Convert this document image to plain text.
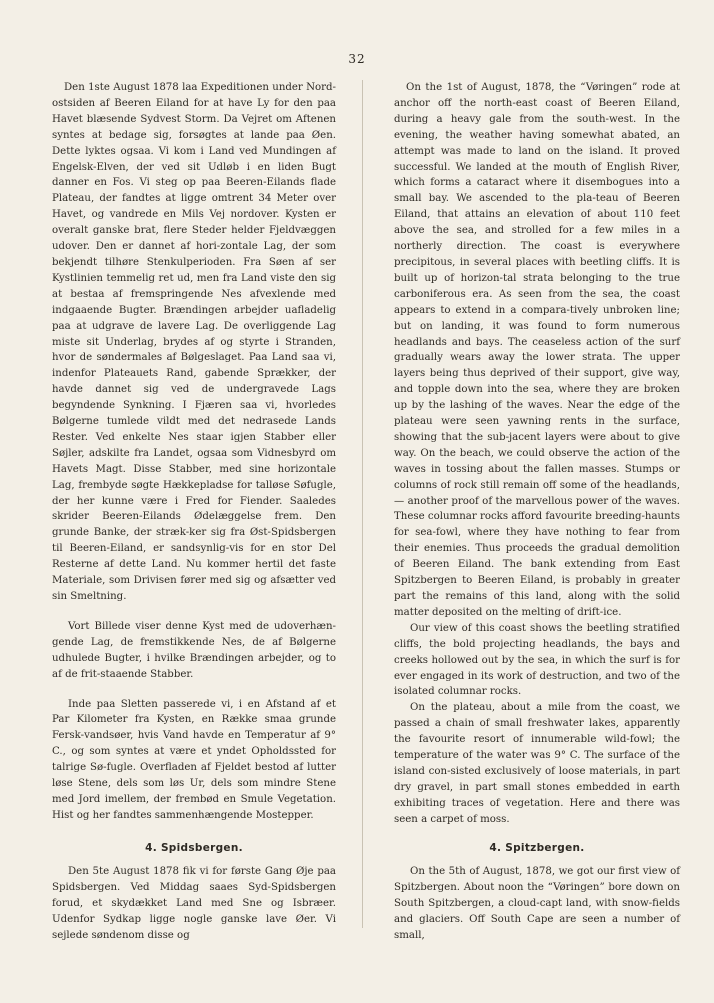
32

Den 1ste August 1878 laa Expeditionen under Nord-ostsiden af Beeren Eiland for at have Ly for den paa Havet blæsende Sydvest Storm. Da Vejret om Aftenen syntes at bedage sig, forsøgtes at lande paa Øen. Dette lyktes ogsaa. Vi kom i Land ved Mundingen af Engelsk-Elven, der ved sit Udløb i en liden Bugt danner en Fos. Vi steg op paa Beeren-Eilands flade Plateau, der fandtes at ligge omtrent 34 Meter over Havet, og vandrede en Mils Vej nordover. Kysten er overalt ganske brat, flere Steder helder Fjeldvæggen udover. Den er dannet af hori-zontale Lag, der som bekjendt tilhøre Stenkulperioden. Fra Søen af ser Kystlinien temmelig ret ud, men fra Land viste den sig at bestaa af fremspringende Nes afvexlende med indgaaende Bugter. Brændingen arbejder uafladelig paa at udgrave de lavere Lag. De overliggende Lag miste sit Underlag, brydes af og styrte i Stranden, hvor de søndermales af Bølgeslaget. Paa Land saa vi, indenfor Plateauets Rand, gabende Sprækker, der havde dannet sig ved de undergravede Lags begyndende Synkning. I Fjæren saa vi, hvorledes Bølgerne tumlede vildt med det nedrasede Lands Rester. Ved enkelte Nes staar igjen Stabber eller Søjler, adskilte fra Landet, ogsaa som Vidnesbyrd om Havets Magt. Disse Stabber, med sine horizontale Lag, frembyde søgte Hækkepladse for talløse Søfugle, der her kunne være i Fred for Fiender. Saaledes skrider Beeren-Eilands Ødelæggelse frem. Den grunde Banke, der stræk-ker sig fra Øst-Spidsbergen til Beeren-Eiland, er sandsynlig-vis for en stor Del Resterne af dette Land. Nu kommer hertil det faste Materiale, som Drivisen fører med sig og afsætter ved sin Smeltning.

Vort Billede viser denne Kyst med de udoverhæn-gende Lag, de fremstikkende Nes, de af Bølgerne udhulede Bugter, i hvilke Brændingen arbejder, og to af de frit-staaende Stabber.

Inde paa Sletten passerede vi, i en Afstand af et Par Kilometer fra Kysten, en Række smaa grunde Fersk-vandsøer, hvis Vand havde en Temperatur af 9° C., og som syntes at være et yndet Opholdssted for talrige Sø-fugle. Overfladen af Fjeldet bestod af lutter løse Stene, dels som løs Ur, dels som mindre Stene med Jord imellem, der frembød en Smule Vegetation. Hist og her fandtes sammenhængende Mostepper.

On the 1st of August, 1878, the “Vøringen” rode at anchor off the north-east coast of Beeren Eiland, during a heavy gale from the south-west. In the evening, the weather having somewhat abated, an attempt was made to land on the island. It proved successful. We landed at the mouth of English River, which forms a cataract where it disembogues into a small bay. We ascended to the pla-teau of Beeren Eiland, that attains an elevation of about 110 feet above the sea, and strolled for a few miles in a northerly direction. The coast is everywhere precipitous, in several places with beetling cliffs. It is built up of horizon-tal strata belonging to the true carboniferous era. As seen from the sea, the coast appears to extend in a compara-tively unbroken line; but on landing, it was found to form numerous headlands and bays. The ceaseless action of the surf gradually wears away the lower strata. The upper layers being thus deprived of their support, give way, and topple down into the sea, where they are broken up by the lashing of the waves. Near the edge of the plateau were seen yawning rents in the surface, showing that the sub-jacent layers were about to give way. On the beach, we could observe the action of the waves in tossing about the fallen masses. Stumps or columns of rock still remain off some of the headlands, — another proof of the marvellous power of the waves. These columnar rocks afford favourite breeding-haunts for sea-fowl, where they have nothing to fear from their enemies. Thus proceeds the gradual demolition of Beeren Eiland. The bank extending from East Spitzbergen to Beeren Eiland, is probably in greater part the remains of this land, along with the solid matter deposited on the melting of drift-ice.

Our view of this coast shows the beetling stratified cliffs, the bold projecting headlands, the bays and creeks hollowed out by the sea, in which the surf is for ever engaged in its work of destruction, and two of the isolated columnar rocks.

On the plateau, about a mile from the coast, we passed a chain of small freshwater lakes, apparently the favourite resort of innumerable wild-fowl; the temperature of the water was 9° C. The surface of the island con-sisted exclusively of loose materials, in part dry gravel, in part small stones embedded in earth exhibiting traces of vegetation. Here and there was seen a carpet of moss.

4. Spidsbergen.	4. Spitzbergen.

Den 5te August 1878 fik vi for første Gang Øje paa Spidsbergen. Ved Middag saaes Syd-Spidsbergen forud, et skydækket Land med Sne og Isbræer. Udenfor Sydkap ligge nogle ganske lave Øer. Vi sejlede søndenom disse og

On the 5th of August, 1878, we got our first view of Spitzbergen. About noon the “Vøringen” bore down on South Spitzbergen, a cloud-capt land, with snow-fields and glaciers. Off South Cape are seen a number of small,
